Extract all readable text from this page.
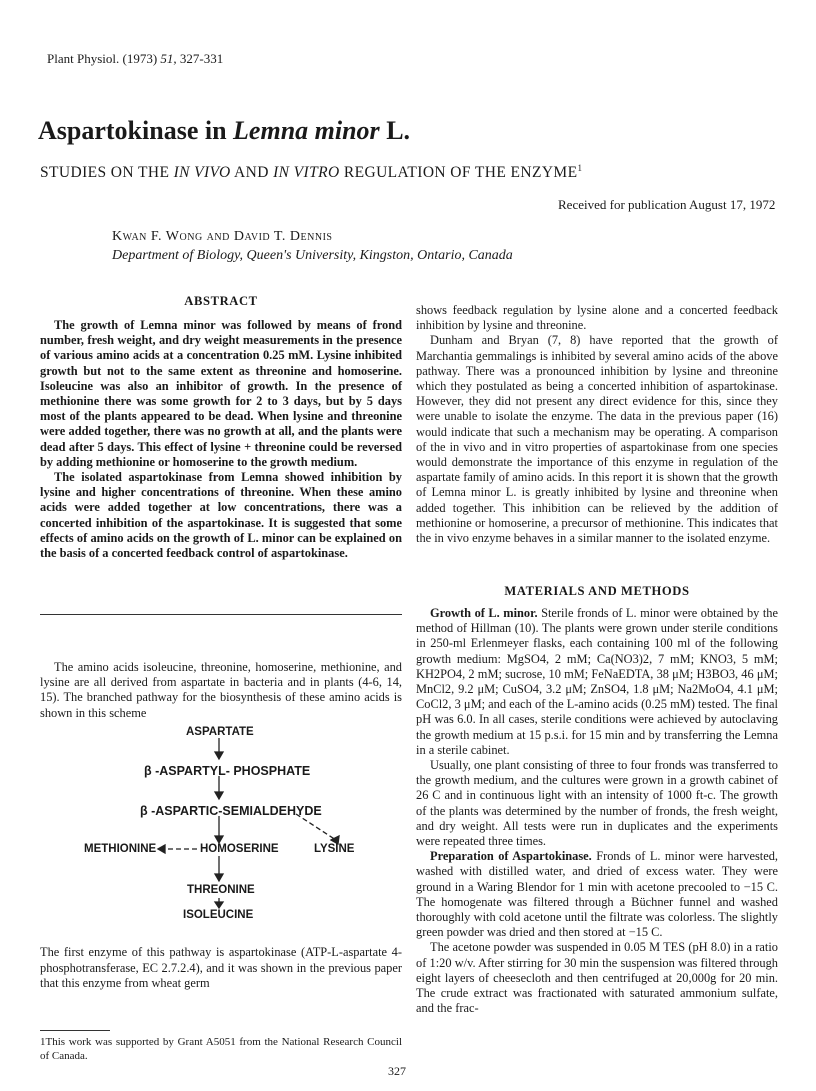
Plant Physiol. (1973) 51, 327-331
Aspartokinase in Lemna minor L.
STUDIES ON THE IN VIVO AND IN VITRO REGULATION OF THE ENZYME$^1$
Received for publication August 17, 1972
Kwan F. Wong and David T. Dennis
Department of Biology, Queen's University, Kingston, Ontario, Canada
ABSTRACT

The growth of Lemna minor was followed by means of frond number, fresh weight, and dry weight measurements in the presence of various amino acids at a concentration 0.25 mM. Lysine inhibited growth but not to the same extent as threonine and homoserine. Isoleucine was also an inhibitor of growth. In the presence of methionine there was some growth for 2 to 3 days, but by 5 days most of the plants appeared to be dead. When lysine and threonine were added together, there was no growth at all, and the plants were dead after 5 days. This effect of lysine + threonine could be reversed by adding methionine or homoserine to the growth medium.

The isolated aspartokinase from Lemna showed inhibition by lysine and higher concentrations of threonine. When these amino acids were added together at low concentrations, there was a concerted inhibition of the aspartokinase. It is suggested that some effects of amino acids on the growth of L. minor can be explained on the basis of a concerted feedback control of aspartokinase.

The amino acids isoleucine, threonine, homoserine, methionine, and lysine are all derived from aspartate in bacteria and in plants (4-6, 14, 15). The branched pathway for the biosynthesis of these amino acids is shown in this scheme

ASPARTATE
β -ASPARTYL- PHOSPHATE
β -ASPARTIC-SEMIALDEHYDE
METHIONINE	HOMOSERINE	LYSINE
THREONINE
ISOLEUCINE

The first enzyme of this pathway is aspartokinase (ATP-L-aspartate 4-phosphotransferase, EC 2.7.2.4), and it was shown in the previous paper that this enzyme from wheat germ

1This work was supported by Grant A5051 from the National Research Council of Canada.

shows feedback regulation by lysine alone and a concerted feedback inhibition by lysine and threonine.

Dunham and Bryan (7, 8) have reported that the growth of Marchantia gemmalings is inhibited by several amino acids of the above pathway. There was a pronounced inhibition by lysine and threonine which they postulated as being a concerted inhibition of aspartokinase. However, they did not present any direct evidence for this, since they were unable to isolate the enzyme. The data in the previous paper (16) would indicate that such a mechanism may be operating. A comparison of the in vivo and in vitro properties of aspartokinase from one species would demonstrate the importance of this enzyme in regulation of the aspartate family of amino acids. In this report it is shown that the growth of Lemna minor L. is greatly inhibited by lysine and threonine when added together. This inhibition can be relieved by the addition of methionine or homoserine, a precursor of methionine. This indicates that the in vivo enzyme behaves in a similar manner to the isolated enzyme.

MATERIALS AND METHODS

Growth of L. minor. Sterile fronds of L. minor were obtained by the method of Hillman (10). The plants were grown under sterile conditions in 250-ml Erlenmeyer flasks, each containing 100 ml of the following growth medium: MgSO4, 2 mM; Ca(NO3)2, 7 mM; KNO3, 5 mM; KH2PO4, 2 mM; sucrose, 10 mM; FeNaEDTA, 38 μM; H3BO3, 46 μM; MnCl2, 9.2 μM; CuSO4, 3.2 μM; ZnSO4, 1.8 μM; Na2MoO4, 4.1 μM; CoCl2, 3 μM; and each of the L-amino acids (0.25 mM) tested. The final pH was 6.0. In all cases, sterile conditions were achieved by autoclaving the growth medium at 15 p.s.i. for 15 min and by transferring the Lemna in a sterile cabinet.

Usually, one plant consisting of three to four fronds was transferred to the growth medium, and the cultures were grown in a growth cabinet of 26 C and in continuous light with an intensity of 1000 ft-c. The growth of the plants was determined by the number of fronds, the fresh weight, and dry weight. All tests were run in duplicates and the experiments were repeated three times.

Preparation of Aspartokinase. Fronds of L. minor were harvested, washed with distilled water, and dried of excess water. They were ground in a Waring Blendor for 1 min with acetone precooled to −15 C. The homogenate was filtered through a Büchner funnel and washed thoroughly with cold acetone until the filtrate was colorless. The slightly green powder was dried and then stored at −15 C.

The acetone powder was suspended in 0.05 M TES (pH 8.0) in a ratio of 1:20 w/v. After stirring for 30 min the suspension was filtered through eight layers of cheesecloth and then centrifuged at 20,000g for 20 min. The crude extract was fractionated with saturated ammonium sulfate, and the frac-

327
